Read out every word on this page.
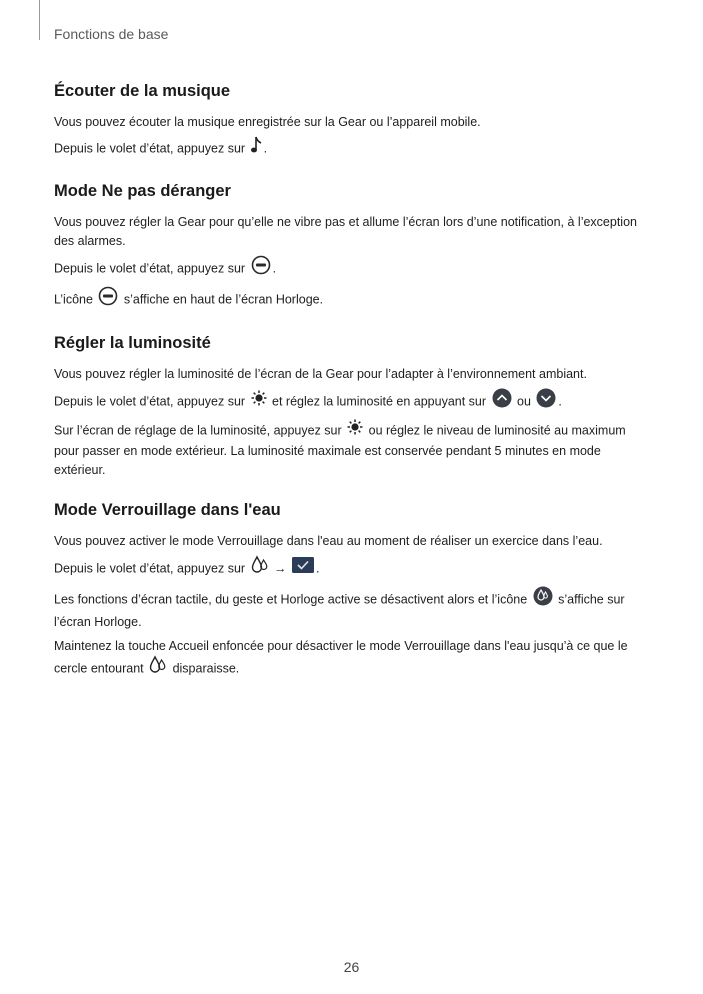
Fonctions de base
Écouter de la musique

Vous pouvez écouter la musique enregistrée sur la Gear ou l’appareil mobile.

Depuis le volet d’état, appuyez sur .

Mode Ne pas déranger

Vous pouvez régler la Gear pour qu’elle ne vibre pas et allume l’écran lors d’une notification, à l’exception des alarmes.

Depuis le volet d’état, appuyez sur .

L’icône  s’affiche en haut de l’écran Horloge.

Régler la luminosité

Vous pouvez régler la luminosité de l’écran de la Gear pour l’adapter à l’environnement ambiant.

Depuis le volet d’état, appuyez sur  et réglez la luminosité en appuyant sur  ou .

Sur l’écran de réglage de la luminosité, appuyez sur  ou réglez le niveau de luminosité au maximum pour passer en mode extérieur. La luminosité maximale est conservée pendant 5 minutes en mode extérieur.

Mode Verrouillage dans l'eau

Vous pouvez activer le mode Verrouillage dans l'eau au moment de réaliser un exercice dans l’eau.

Depuis le volet d’état, appuyez sur  → .

Les fonctions d’écran tactile, du geste et Horloge active se désactivent alors et l’icône  s’affiche sur l’écran Horloge.

Maintenez la touche Accueil enfoncée pour désactiver le mode Verrouillage dans l'eau jusqu’à ce que le cercle entourant  disparaisse.

26
